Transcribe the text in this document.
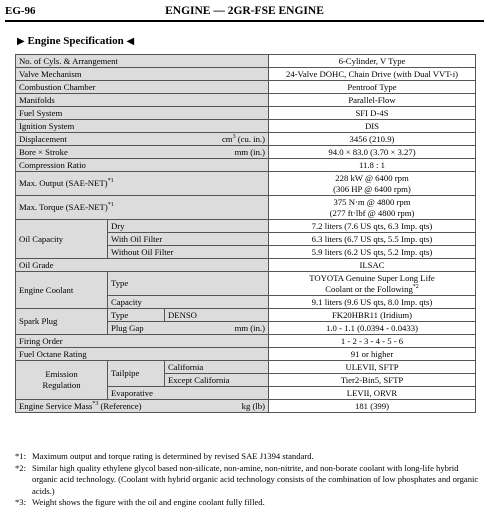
EG-96	ENGINE — 2GR-FSE ENGINE
▶ Engine Specification ◀
No. of Cyls. & Arrangement			6-Cylinder, V Type
Valve Mechanism			24-Valve DOHC, Chain Drive (with Dual VVT-i)
Combustion Chamber			Pentroof Type
Manifolds			Parallel-Flow
Fuel System			SFI D-4S
Ignition System			DIS

Displacement $cm^3$ (cu. in.)			3456 (210.9)

Bore × Stroke mm (in.)			94.0 × 83.0 (3.70 × 3.27)
Compression Ratio			11.8 : 1
Max. Output $(SAE-NET)^{*1}$			228 kW @ 6400 rpm
(306 HP @ 6400 rpm)

Max. Torque $(SAE-NET)^{*1}$			375 N·m @ 4800 rpm
(277 ft·lbf @ 4800 rpm)

Oil Capacity	Dry		7.2 liters (7.6 US qts, 6.3 Imp. qts)
	With Oil Filter		6.3 liters (6.7 US qts, 5.5 Imp. qts)
	Without Oil Filter		5.9 liters (6.2 US qts, 5.2 Imp. qts)
Oil Grade			ILSAC
Engine Coolant	Type		TOYOTA Genuine Super Long Life
Coolant or the Following$^{*2}$

	Capacity		9.1 liters (9.6 US qts, 8.0 Imp. qts)
Spark Plug	Type	DENSO	FK20HBR11 (Iridium)

	Plug Gap mm (in.)		1.0 - 1.1 (0.0394 - 0.0433)
Firing Order			1 - 2 - 3 - 4 - 5 - 6
Fuel Octane Rating			91 or higher

Emission
Regulation	Tailpipe	California	ULEVII, SFTP
		Except California	Tier2-Bin5, SFTP
	Evaporative		LEVII, ORVR

Engine Service Mass$^{*3}$ (Reference) kg (lb)			181 (399)

*1: Maximum output and torque rating is determined by revised SAE J1394 standard.

*2: Similar high quality ethylene glycol based non-silicate, non-amine, non-nitrite, and non-borate coolant with long-life hybrid organic acid technology. (Coolant with hybrid organic acid technology consists of the combination of low phosphates and organic acids.)

*3: Weight shows the figure with the oil and engine coolant fully filled.
